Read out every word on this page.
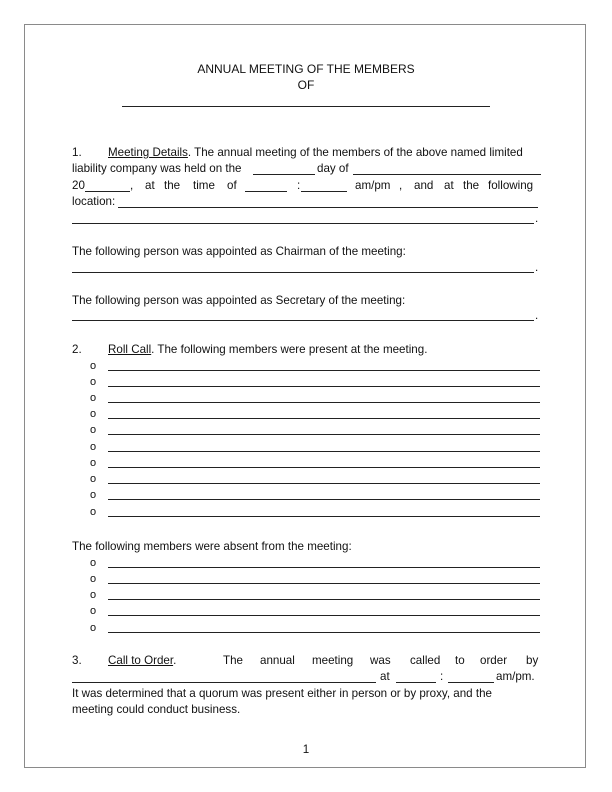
ANNUAL MEETING OF THE MEMBERS
OF
1. Meeting Details. The annual meeting of the members of the above named limited
liability company was held on the	day of
20	, at the time of	:	am/pm , and at the following
location:
.
The following person was appointed as Chairman of the meeting:
.
The following person was appointed as Secretary of the meeting:
.
2. Roll Call. The following members were present at the meeting.
o
o
o
o
o
o
o
o
o
o
The following members were absent from the meeting:
o
o
o
o
o
3. Call to Order.	The annual meeting was called to order by
at	:	am/pm.
It was determined that a quorum was present either in person or by proxy, and the
meeting could conduct business.
1
